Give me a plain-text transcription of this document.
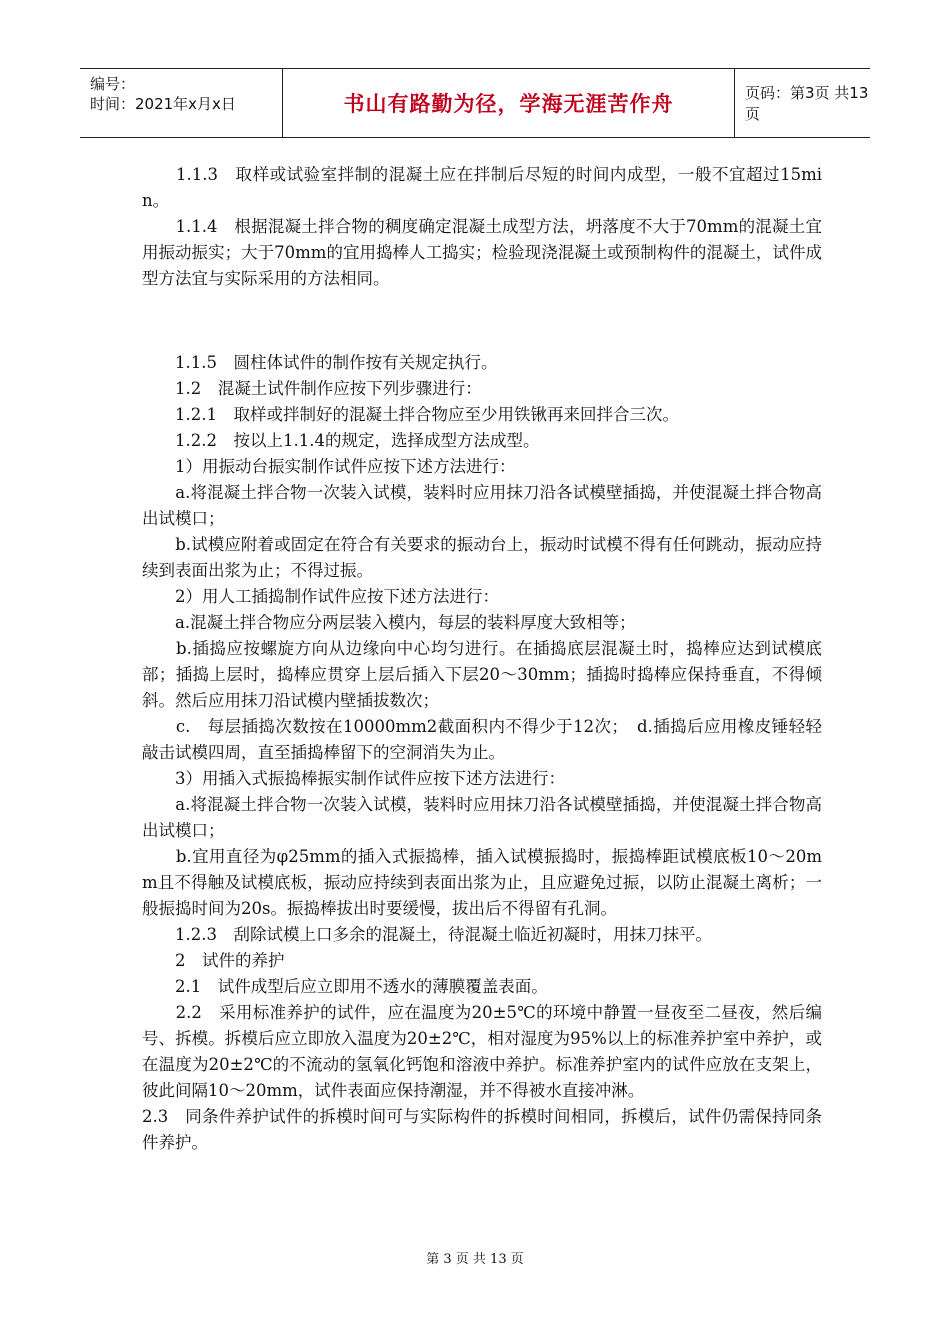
编号：
时间：2021年x月x日	书山有路勤为径，学海无涯苦作舟	页码：第3页 共13页

　　1.1.3　取样或试验室拌制的混凝土应在拌制后尽短的时间内成型，一般不宜超过15min。

　　1.1.4　根据混凝土拌合物的稠度确定混凝土成型方法，坍落度不大于70mm的混凝土宜用振动振实；大于70mm的宜用捣棒人工捣实；检验现浇混凝土或预制构件的混凝土，试件成型方法宜与实际采用的方法相同。

　　1.1.5　圆柱体试件的制作按有关规定执行。

　　1.2　混凝土试件制作应按下列步骤进行：

　　1.2.1　取样或拌制好的混凝土拌合物应至少用铁锹再来回拌合三次。

　　1.2.2　按以上1.1.4的规定，选择成型方法成型。

　　1）用振动台振实制作试件应按下述方法进行：

　　a.将混凝土拌合物一次装入试模，装料时应用抹刀沿各试模壁插捣，并使混凝土拌合物高出试模口；

　　b.试模应附着或固定在符合有关要求的振动台上，振动时试模不得有任何跳动，振动应持续到表面出浆为止；不得过振。

　　2）用人工插捣制作试件应按下述方法进行：

　　a.混凝土拌合物应分两层装入模内，每层的装料厚度大致相等；

　　b.插捣应按螺旋方向从边缘向中心均匀进行。在插捣底层混凝土时，捣棒应达到试模底部；插捣上层时，捣棒应贯穿上层后插入下层20～30mm；插捣时捣棒应保持垂直，不得倾斜。然后应用抹刀沿试模内壁插拔数次；

　　c.　每层插捣次数按在10000mm2截面积内不得少于12次；　d.插捣后应用橡皮锤轻轻敲击试模四周，直至插捣棒留下的空洞消失为止。

　　3）用插入式振捣棒振实制作试件应按下述方法进行：

　　a.将混凝土拌合物一次装入试模，装料时应用抹刀沿各试模壁插捣，并使混凝土拌合物高出试模口；

　　b.宜用直径为φ25mm的插入式振捣棒，插入试模振捣时，振捣棒距试模底板10～20mm且不得触及试模底板，振动应持续到表面出浆为止，且应避免过振，以防止混凝土离析；一般振捣时间为20s。振捣棒拔出时要缓慢，拔出后不得留有孔洞。

　　1.2.3　刮除试模上口多余的混凝土，待混凝土临近初凝时，用抹刀抹平。

　　2　试件的养护

　　2.1　试件成型后应立即用不透水的薄膜覆盖表面。

　　2.2　采用标准养护的试件，应在温度为20±5℃的环境中静置一昼夜至二昼夜，然后编号、拆模。拆模后应立即放入温度为20±2℃，相对湿度为95%以上的标准养护室中养护，或在温度为20±2℃的不流动的氢氧化钙饱和溶液中养护。标准养护室内的试件应放在支架上，彼此间隔10～20mm，试件表面应保持潮湿，并不得被水直接冲淋。

2.3　同条件养护试件的拆模时间可与实际构件的拆模时间相同，拆模后，试件仍需保持同条件养护。

第 3 页 共 13 页
